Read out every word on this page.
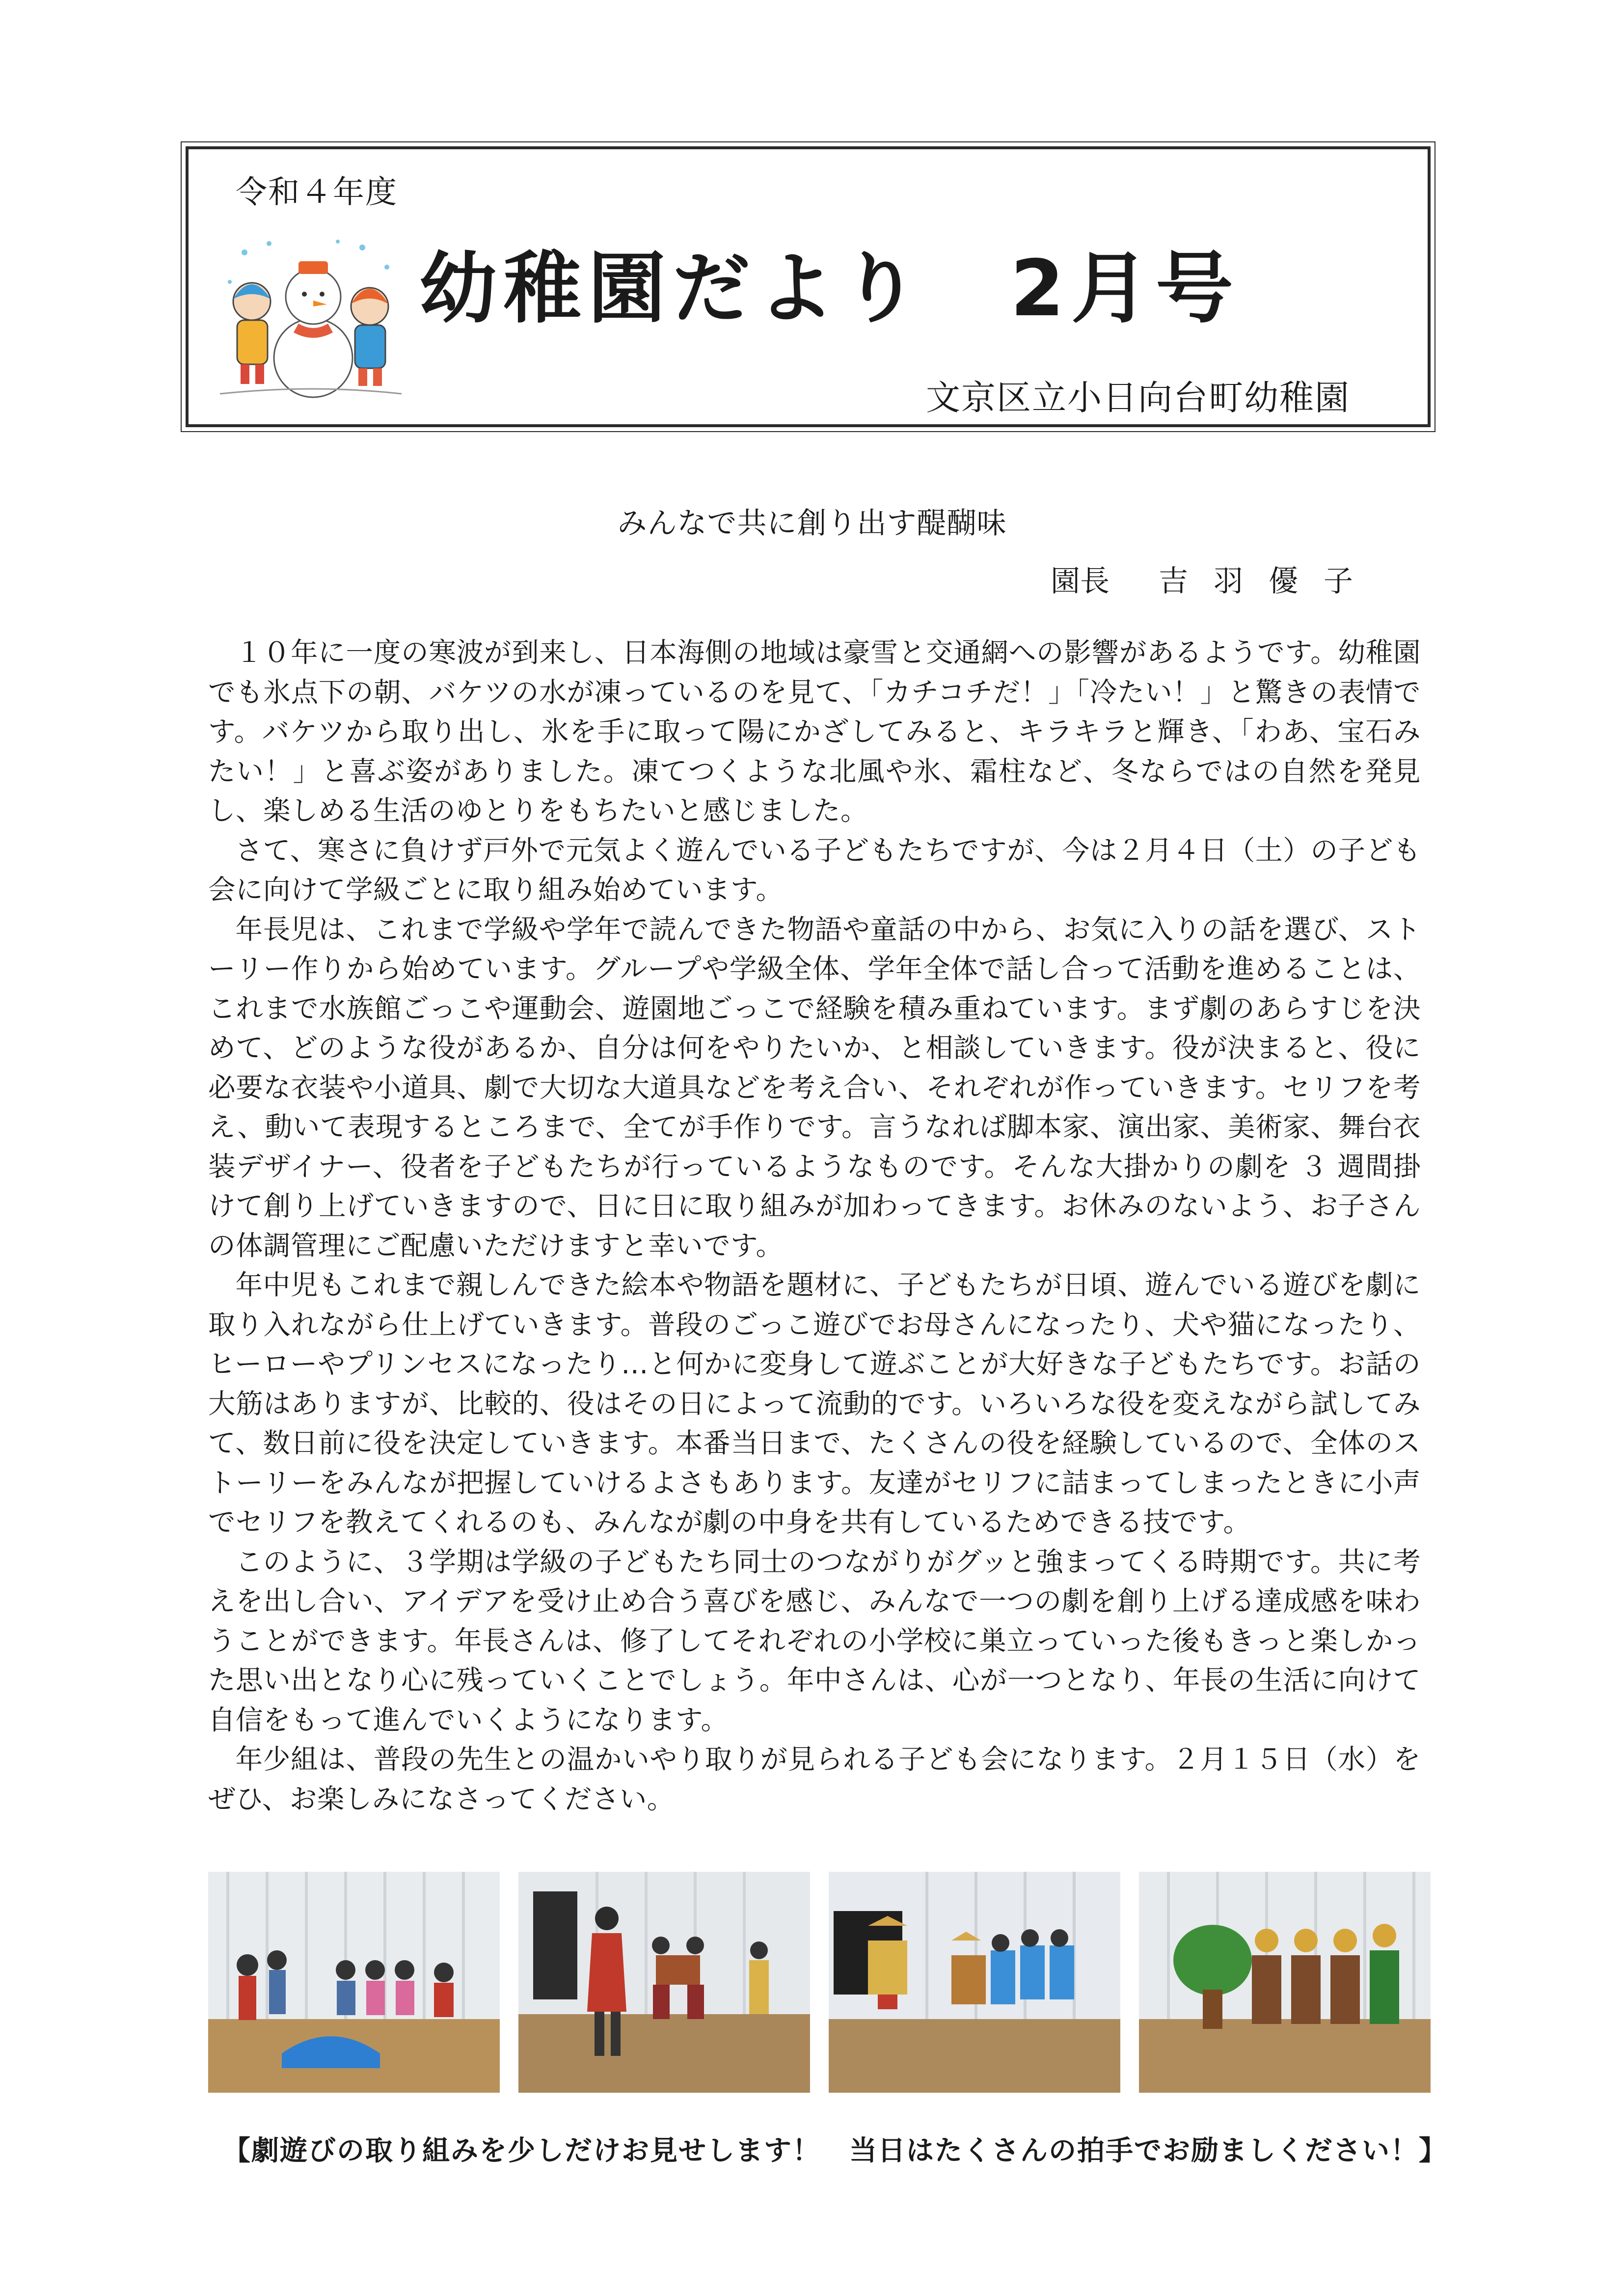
令和４年度
幼稚園だより　2月号
文京区立小日向台町幼稚園
みんなで共に創り出す醍醐味
園長 吉羽優子

１０年に一度の寒波が到来し、日本海側の地域は豪雪と交通網への影響があるようです。幼稚園でも氷点下の朝、バケツの水が凍っているのを見て、「カチコチだ！」「冷たい！」と驚きの表情です。バケツから取り出し、氷を手に取って陽にかざしてみると、キラキラと輝き、「わあ、宝石みたい！」と喜ぶ姿がありました。凍てつくような北風や氷、霜柱など、冬ならではの自然を発見し、楽しめる生活のゆとりをもちたいと感じました。

さて、寒さに負けず戸外で元気よく遊んでいる子どもたちですが、今は２月４日（土）の子ども会に向けて学級ごとに取り組み始めています。

年長児は、これまで学級や学年で読んできた物語や童話の中から、お気に入りの話を選び、ストーリー作りから始めています。グループや学級全体、学年全体で話し合って活動を進めることは、これまで水族館ごっこや運動会、遊園地ごっこで経験を積み重ねています。まず劇のあらすじを決めて、どのような役があるか、自分は何をやりたいか、と相談していきます。役が決まると、役に必要な衣装や小道具、劇で大切な大道具などを考え合い、それぞれが作っていきます。セリフを考え、動いて表現するところまで、全てが手作りです。言うなれば脚本家、演出家、美術家、舞台衣装デザイナー、役者を子どもたちが行っているようなものです。そんな大掛かりの劇を ３ 週間掛けて創り上げていきますので、日に日に取り組みが加わってきます。お休みのないよう、お子さんの体調管理にご配慮いただけますと幸いです。

年中児もこれまで親しんできた絵本や物語を題材に、子どもたちが日頃、遊んでいる遊びを劇に取り入れながら仕上げていきます。普段のごっこ遊びでお母さんになったり、犬や猫になったり、ヒーローやプリンセスになったり…と何かに変身して遊ぶことが大好きな子どもたちです。お話の大筋はありますが、比較的、役はその日によって流動的です。いろいろな役を変えながら試してみて、数日前に役を決定していきます。本番当日まで、たくさんの役を経験しているので、全体のストーリーをみんなが把握していけるよさもあります。友達がセリフに詰まってしまったときに小声でセリフを教えてくれるのも、みんなが劇の中身を共有しているためできる技です。

このように、３学期は学級の子どもたち同士のつながりがグッと強まってくる時期です。共に考えを出し合い、アイデアを受け止め合う喜びを感じ、みんなで一つの劇を創り上げる達成感を味わうことができます。年長さんは、修了してそれぞれの小学校に巣立っていった後もきっと楽しかった思い出となり心に残っていくことでしょう。年中さんは、心が一つとなり、年長の生活に向けて自信をもって進んでいくようになります。

年少組は、普段の先生との温かいやり取りが見られる子ども会になります。２月１５日（水）をぜひ、お楽しみになさってください。

【劇遊びの取り組みを少しだけお見せします！　当日はたくさんの拍手でお励ましください！】
